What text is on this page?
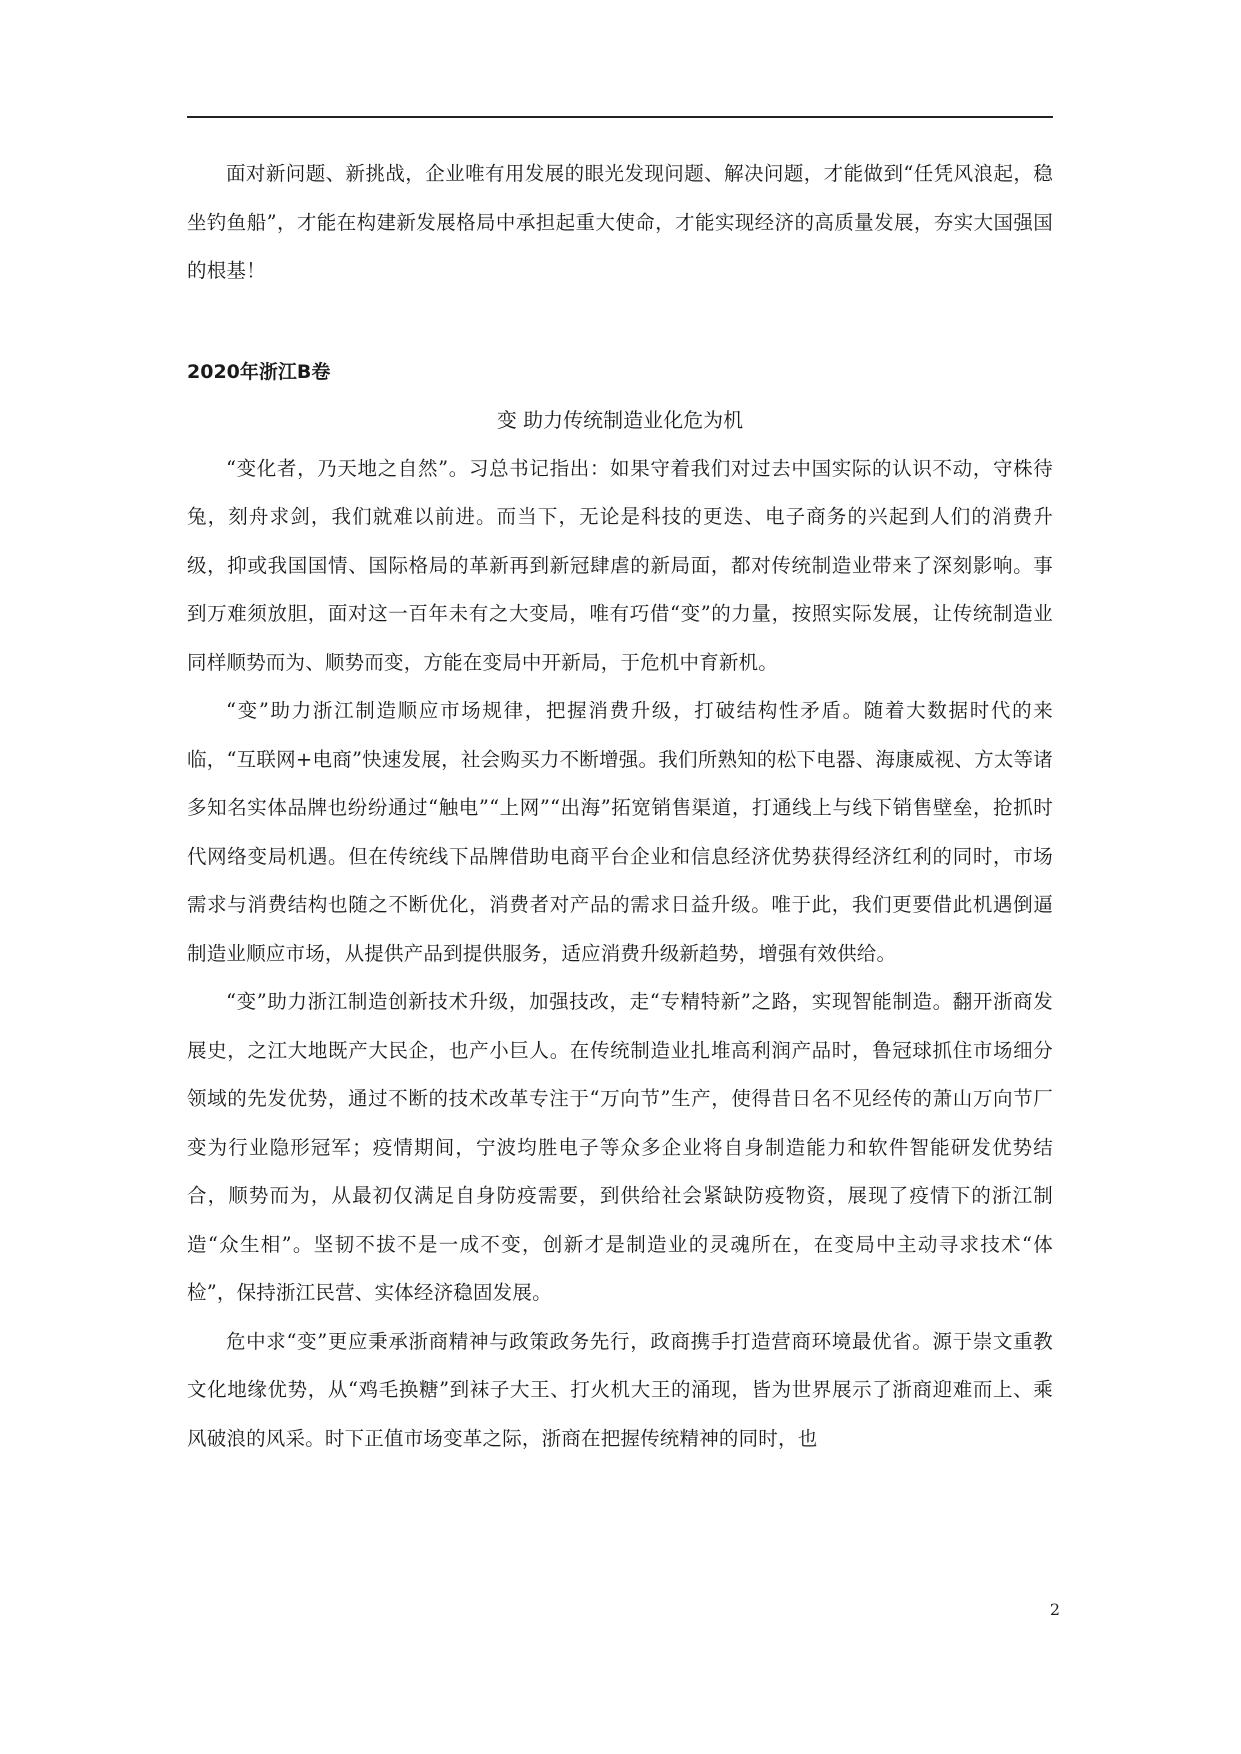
面对新问题、新挑战，企业唯有用发展的眼光发现问题、解决问题，才能做到“任凭风浪起，稳坐钓鱼船”，才能在构建新发展格局中承担起重大使命，才能实现经济的高质量发展，夯实大国强国的根基！

2020年浙江B卷

变 助力传统制造业化危为机

“变化者，乃天地之自然”。习总书记指出：如果守着我们对过去中国实际的认识不动，守株待兔，刻舟求剑，我们就难以前进。而当下，无论是科技的更迭、电子商务的兴起到人们的消费升级，抑或我国国情、国际格局的革新再到新冠肆虐的新局面，都对传统制造业带来了深刻影响。事到万难须放胆，面对这一百年未有之大变局，唯有巧借“变”的力量，按照实际发展，让传统制造业同样顺势而为、顺势而变，方能在变局中开新局，于危机中育新机。

“变”助力浙江制造顺应市场规律，把握消费升级，打破结构性矛盾。随着大数据时代的来临，“互联网+电商”快速发展，社会购买力不断增强。我们所熟知的松下电器、海康威视、方太等诸多知名实体品牌也纷纷通过“触电”“上网”“出海”拓宽销售渠道，打通线上与线下销售壁垒，抢抓时代网络变局机遇。但在传统线下品牌借助电商平台企业和信息经济优势获得经济红利的同时，市场需求与消费结构也随之不断优化，消费者对产品的需求日益升级。唯于此，我们更要借此机遇倒逼制造业顺应市场，从提供产品到提供服务，适应消费升级新趋势，增强有效供给。

“变”助力浙江制造创新技术升级，加强技改，走“专精特新”之路，实现智能制造。翻开浙商发展史，之江大地既产大民企，也产小巨人。在传统制造业扎堆高利润产品时，鲁冠球抓住市场细分领域的先发优势，通过不断的技术改革专注于“万向节”生产，使得昔日名不见经传的萧山万向节厂变为行业隐形冠军；疫情期间，宁波均胜电子等众多企业将自身制造能力和软件智能研发优势结合，顺势而为，从最初仅满足自身防疫需要，到供给社会紧缺防疫物资，展现了疫情下的浙江制造“众生相”。坚韧不拔不是一成不变，创新才是制造业的灵魂所在，在变局中主动寻求技术“体检”，保持浙江民营、实体经济稳固发展。

危中求“变”更应秉承浙商精神与政策政务先行，政商携手打造营商环境最优省。源于崇文重教文化地缘优势，从“鸡毛换糖”到袜子大王、打火机大王的涌现，皆为世界展示了浙商迎难而上、乘风破浪的风采。时下正值市场变革之际，浙商在把握传统精神的同时，也

2
